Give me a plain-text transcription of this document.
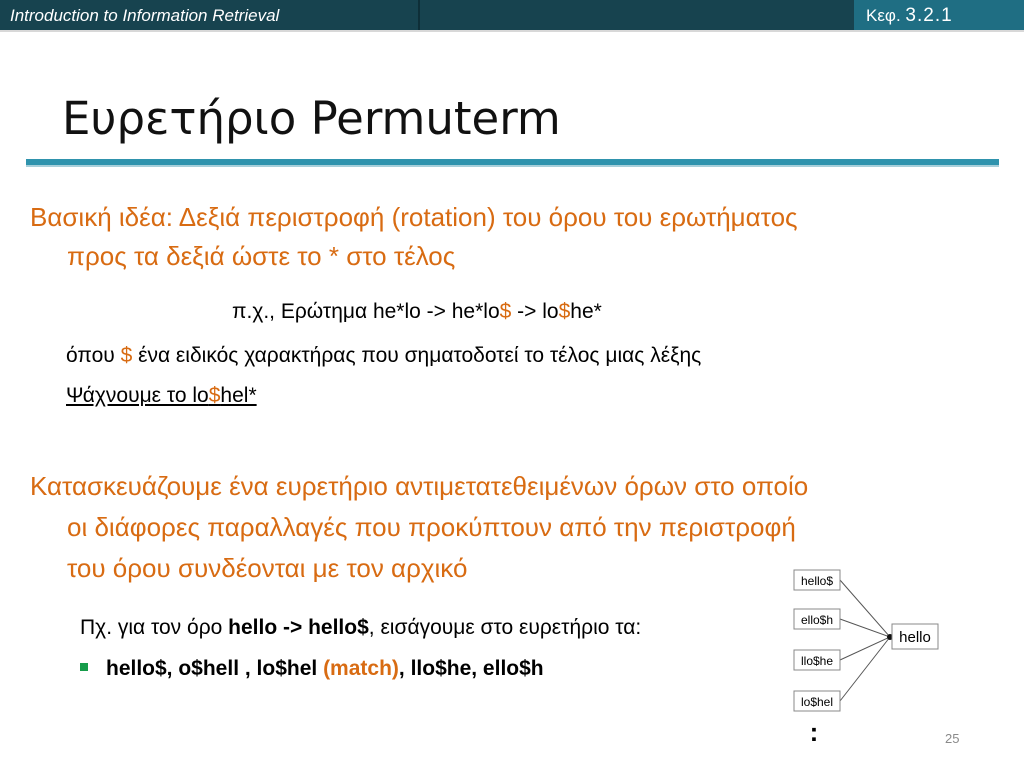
Introduction to Information Retrieval	Κεφ. 3.2.1
Ευρετήριο Permuterm
Βασική ιδέα: Δεξιά περιστροφή (rotation) του όρου του ερωτήματος
προς τα δεξιά ώστε το * στο τέλος
π.χ., Ερώτημα he*lo -> he*lo$ -> lo$he*
όπου $ ένα ειδικός χαρακτήρας που σηματοδοτεί το τέλος μιας λέξης
Ψάχνουμε το lo$hel*
Κατασκευάζουμε ένα ευρετήριο αντιμετατεθειμένων όρων στο οποίο
οι διάφορες παραλλαγές που προκύπτουν από την περιστροφή
του όρου συνδέονται με τον αρχικό
Πχ. για τον όρο hello -> hello$, εισάγουμε στο ευρετήριο τα:
hello$, o$hell , lo$hel (match), llo$he, ello$h
hello$
ello$h
llo$he
lo$hel
hello
:	25
